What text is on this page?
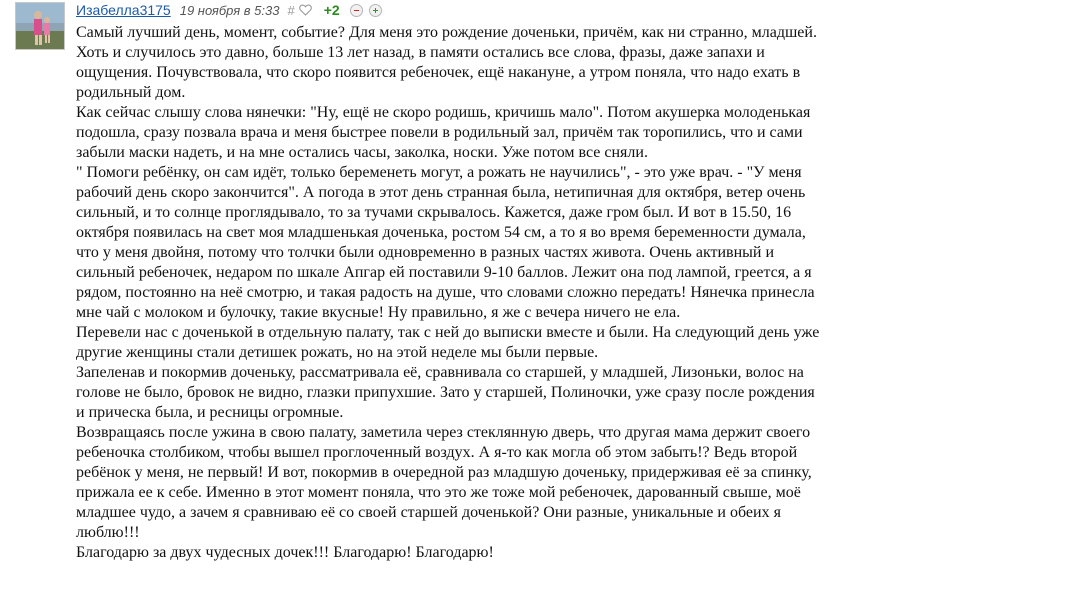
Изабелла3175 19 ноября в 5:33 # +2

Самый лучший день, момент, событие? Для меня это рождение доченьки, причём, как ни странно, младшей. Хоть и случилось это давно, больше 13 лет назад, в памяти остались все слова, фразы, даже запахи и ощущения. Почувствовала, что скоро появится ребеночек, ещё накануне, а утром поняла, что надо ехать в родильный дом.

Как сейчас слышу слова нянечки: "Ну, ещё не скоро родишь, кричишь мало". Потом акушерка молоденькая подошла, сразу позвала врача и меня быстрее повели в родильный зал, причём так торопились, что и сами забыли маски надеть, и на мне остались часы, заколка, носки. Уже потом все сняли.

" Помоги ребёнку, он сам идёт, только беременеть могут, а рожать не научились", - это уже врач. - "У меня рабочий день скоро закончится". А погода в этот день странная была, нетипичная для октября, ветер очень сильный, и то солнце проглядывало, то за тучами скрывалось. Кажется, даже гром был. И вот в 15.50, 16 октября появилась на свет моя младшенькая доченька, ростом 54 см, а то я во время беременности думала, что у меня двойня, потому что толчки были одновременно в разных частях живота. Очень активный и сильный ребеночек, недаром по шкале Апгар ей поставили 9-10 баллов. Лежит она под лампой, греется, а я рядом, постоянно на неё смотрю, и такая радость на душе, что словами сложно передать! Нянечка принесла мне чай с молоком и булочку, такие вкусные! Ну правильно, я же с вечера ничего не ела.

Перевели нас с доченькой в отдельную палату, так с ней до выписки вместе и были. На следующий день уже другие женщины стали детишек рожать, но на этой неделе мы были первые.

Запеленав и покормив доченьку, рассматривала её, сравнивала со старшей, у младшей, Лизоньки, волос на голове не было, бровок не видно, глазки припухшие. Зато у старшей, Полиночки, уже сразу после рождения и прическа была, и ресницы огромные.

Возвращаясь после ужина в свою палату, заметила через стеклянную дверь, что другая мама держит своего ребеночка столбиком, чтобы вышел проглоченный воздух. А я-то как могла об этом забыть!? Ведь второй ребёнок у меня, не первый! И вот, покормив в очередной раз младшую доченьку, придерживая её за спинку, прижала ее к себе. Именно в этот момент поняла, что это же тоже мой ребеночек, дарованный свыше, моё младшее чудо, а зачем я сравниваю её со своей старшей доченькой? Они разные, уникальные и обеих я люблю!!!

Благодарю за двух чудесных дочек!!! Благодарю! Благодарю!
